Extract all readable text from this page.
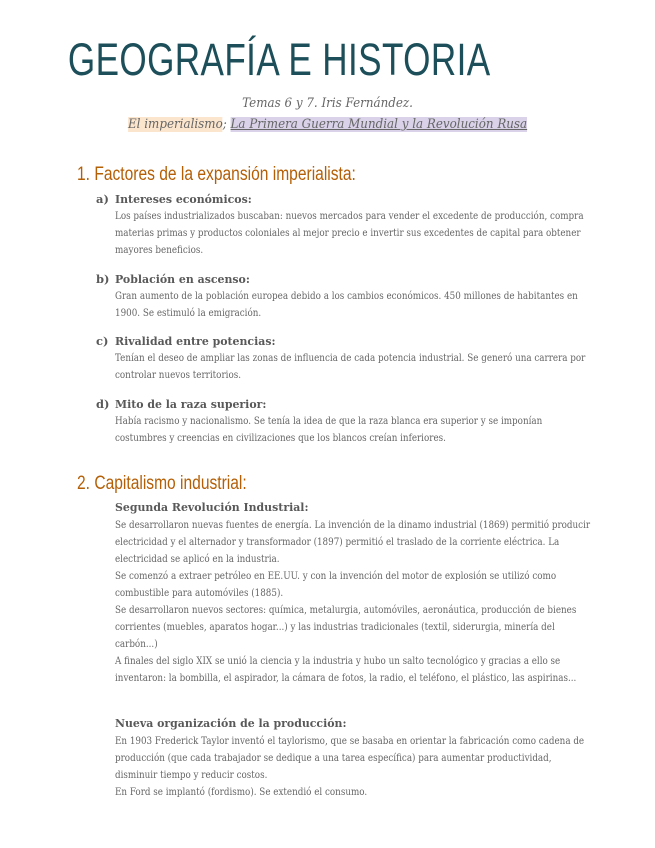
GEOGRAFÍA E HISTORIA
Temas 6 y 7. Iris Fernández.
El imperialismo; La Primera Guerra Mundial y la Revolución Rusa
1. Factores de la expansión imperialista:
a) Intereses económicos:

Los países industrializados buscaban: nuevos mercados para vender el excedente de producción, compra materias primas y productos coloniales al mejor precio e invertir sus excedentes de capital para obtener mayores beneficios.

b) Población en ascenso:

Gran aumento de la población europea debido a los cambios económicos. 450 millones de habitantes en 1900. Se estimuló la emigración.

c) Rivalidad entre potencias:

Tenían el deseo de ampliar las zonas de influencia de cada potencia industrial. Se generó una carrera por controlar nuevos territorios.

d) Mito de la raza superior:

Había racismo y nacionalismo. Se tenía la idea de que la raza blanca era superior y se imponían costumbres y creencias en civilizaciones que los blancos creían inferiores.

2. Capitalismo industrial:
Segunda Revolución Industrial:

Se desarrollaron nuevas fuentes de energía. La invención de la dinamo industrial (1869) permitió producir electricidad y el alternador y transformador (1897) permitió el traslado de la corriente eléctrica. La electricidad se aplicó en la industria.

Se comenzó a extraer petróleo en EE.UU. y con la invención del motor de explosión se utilizó como combustible para automóviles (1885).

Se desarrollaron nuevos sectores: química, metalurgia, automóviles, aeronáutica, producción de bienes corrientes (muebles, aparatos hogar...) y las industrias tradicionales (textil, siderurgia, minería del carbón...)

A finales del siglo XIX se unió la ciencia y la industria y hubo un salto tecnológico y gracias a ello se inventaron: la bombilla, el aspirador, la cámara de fotos, la radio, el teléfono, el plástico, las aspirinas...

Nueva organización de la producción:

En 1903 Frederick Taylor inventó el taylorismo, que se basaba en orientar la fabricación como cadena de producción (que cada trabajador se dedique a una tarea específica) para aumentar productividad, disminuir tiempo y reducir costos.

En Ford se implantó (fordismo). Se extendió el consumo.
